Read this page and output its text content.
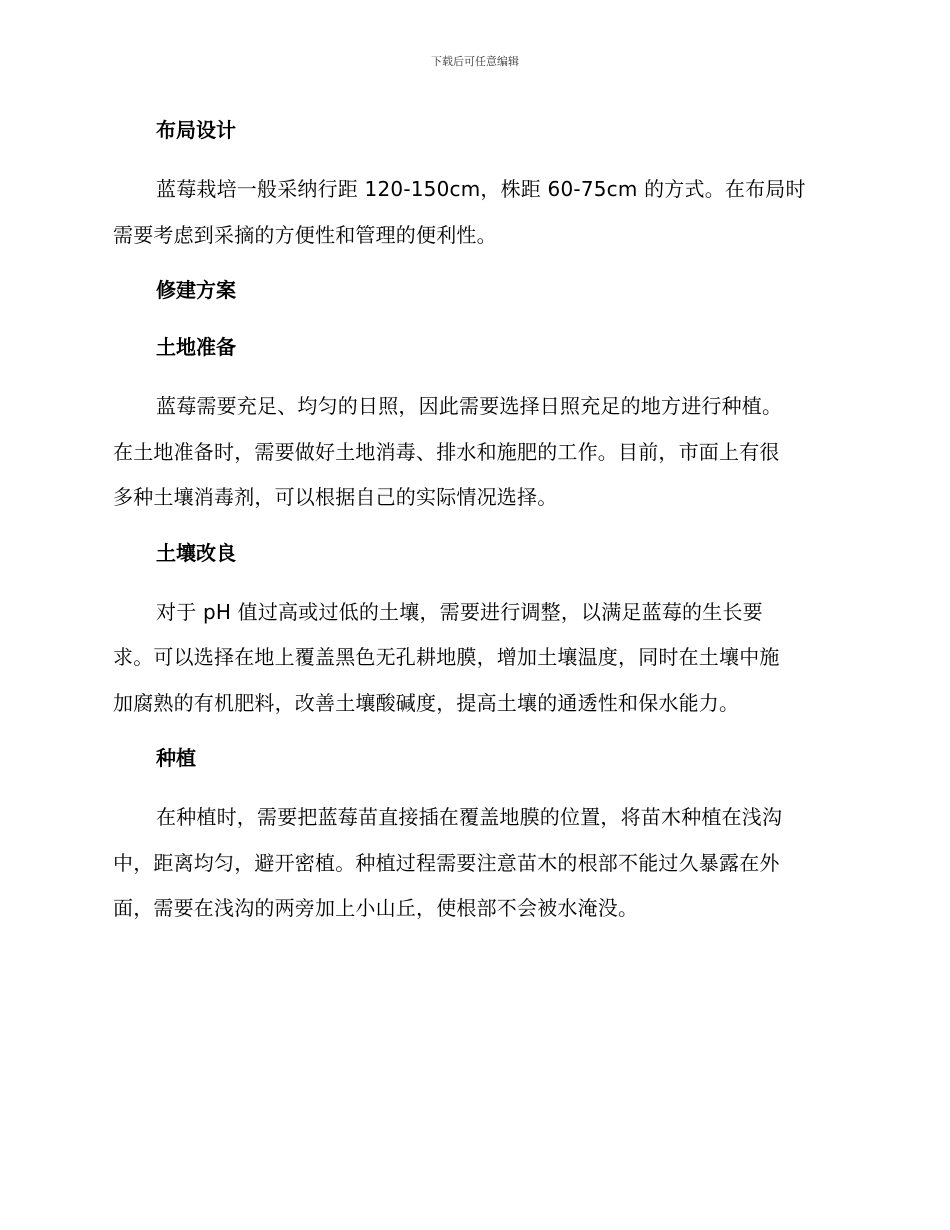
下载后可任意编辑
布局设计
蓝莓栽培一般采纳行距 120-150cm，株距 60-75cm 的方式。在布局时
需要考虑到采摘的方便性和管理的便利性。
修建方案
土地准备
蓝莓需要充足、均匀的日照，因此需要选择日照充足的地方进行种植。
在土地准备时，需要做好土地消毒、排水和施肥的工作。目前，市面上有很
多种土壤消毒剂，可以根据自己的实际情况选择。
土壤改良
对于 pH 值过高或过低的土壤，需要进行调整，以满足蓝莓的生长要
求。可以选择在地上覆盖黑色无孔耕地膜，增加土壤温度，同时在土壤中施
加腐熟的有机肥料，改善土壤酸碱度，提高土壤的通透性和保水能力。
种植
在种植时，需要把蓝莓苗直接插在覆盖地膜的位置，将苗木种植在浅沟
中，距离均匀，避开密植。种植过程需要注意苗木的根部不能过久暴露在外
面，需要在浅沟的两旁加上小山丘，使根部不会被水淹没。
